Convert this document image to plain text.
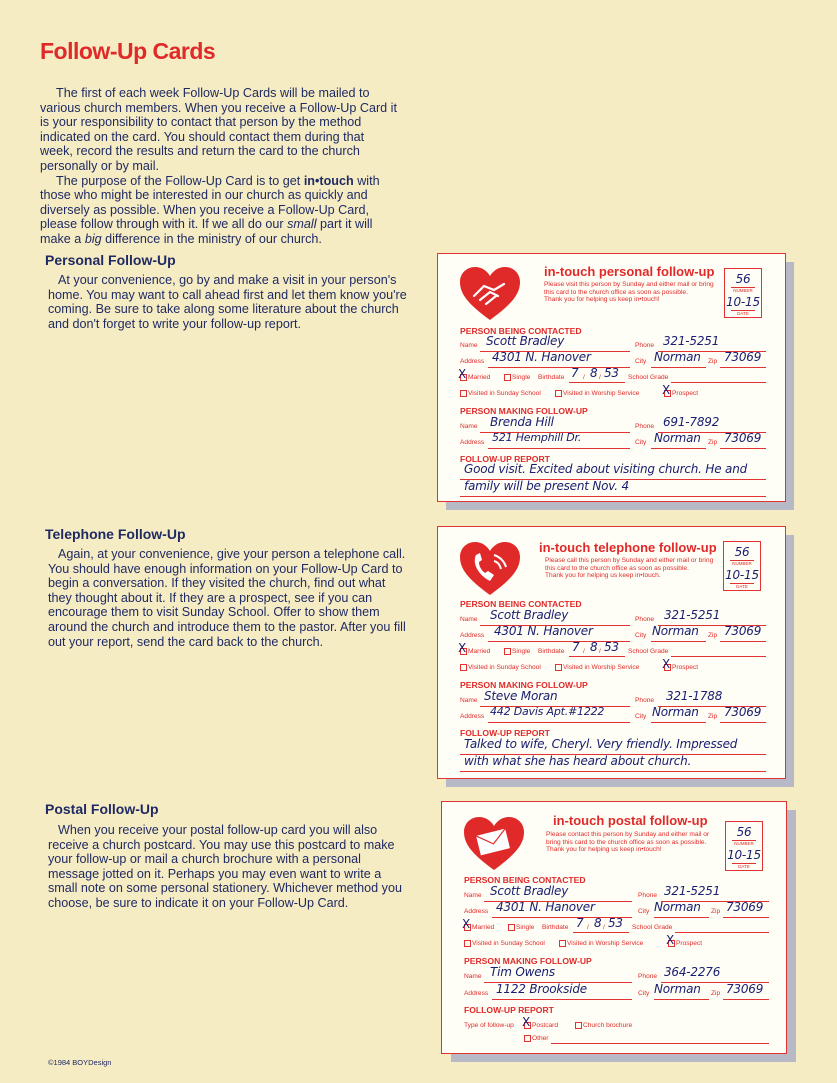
Follow-Up Cards

The first of each week Follow-Up Cards will be mailed to various church members. When you receive a Follow-Up Card it is your responsibility to contact that person by the method indicated on the card. You should contact them during that week, record the results and return the card to the church personally or by mail.

The purpose of the Follow-Up Card is to get in•touch with those who might be interested in our church as quickly and diversely as possible. When you receive a Follow-Up Card, please follow through with it. If we all do our small part it will make a big difference in the ministry of our church.

Personal Follow-Up

At your convenience, go by and make a visit in your person's home. You may want to call ahead first and let them know you're coming. Be sure to take along some literature about the church and don't forget to write your follow-up report.

Telephone Follow-Up

Again, at your convenience, give your person a telephone call. You should have enough information on your Follow-Up Card to begin a conversation. If they visited the church, find out what they thought about it. If they are a prospect, see if you can encourage them to visit Sunday School. Offer to show them around the church and introduce them to the pastor. After you fill out your report, send the card back to the church.

Postal Follow-Up

When you receive your postal follow-up card you will also receive a church postcard. You may use this postcard to make your follow-up or mail a church brochure with a personal message jotted on it. Perhaps you may even want to write a small note on some personal stationery. Whichever method you choose, be sure to indicate it on your Follow-Up Card.

©1984 BOYDesign
in-touch personal follow-up
Please visit this person by Sunday and either mail or bring this card to the church office as soon as possible.
Thank you for helping us keep in•touch!
56
NUMBER
10-15
DATE
PERSON BEING CONTACTED
Name Scott Bradley	Phone 321-5251
Address 4301 N. Hanover	City Norman Zip 73069
X Married	Single Birthdate 7 / 8 / 53 School Grade
Visited in Sunday School	Visited in Worship Service X Prospect
PERSON MAKING FOLLOW-UP
Name Brenda Hill	Phone 691-7892
Address 521 Hemphill Dr.	City Norman Zip 73069
FOLLOW-UP REPORT
Good visit. Excited about visiting church. He and
family will be present Nov. 4
in-touch telephone follow-up
Please call this person by Sunday and either mail or bring this card to the church office as soon as possible.
Thank you for helping us keep in•touch.
56
NUMBER
10-15
DATE
PERSON BEING CONTACTED
Name Scott Bradley	Phone 321-5251
Address 4301 N. Hanover	City Norman Zip 73069
X Married	Single Birthdate 7 / 8 / 53 School Grade
Visited in Sunday School	Visited in Worship Service X Prospect
PERSON MAKING FOLLOW-UP
Name Steve Moran	Phone 321-1788
Address 442 Davis Apt.#1222	City Norman Zip 73069
FOLLOW-UP REPORT
Talked to wife, Cheryl. Very friendly. Impressed
with what she has heard about church.
in-touch postal follow-up
Please contact this person by Sunday and either mail or bring this card to the church office as soon as possible.
Thank you for helping us keep in•touch!
56
NUMBER
10-15
DATE
PERSON BEING CONTACTED
Name Scott Bradley	Phone 321-5251
Address 4301 N. Hanover	City Norman Zip 73069
X Married	Single Birthdate 7 / 8 / 53 School Grade
Visited in Sunday School	Visited in Worship Service X Prospect
PERSON MAKING FOLLOW-UP
Name Tim Owens	Phone 364-2276
Address 1122 Brookside	City Norman Zip 73069
FOLLOW-UP REPORT
Type of follow-up X Postcard	Church brochure
Other
